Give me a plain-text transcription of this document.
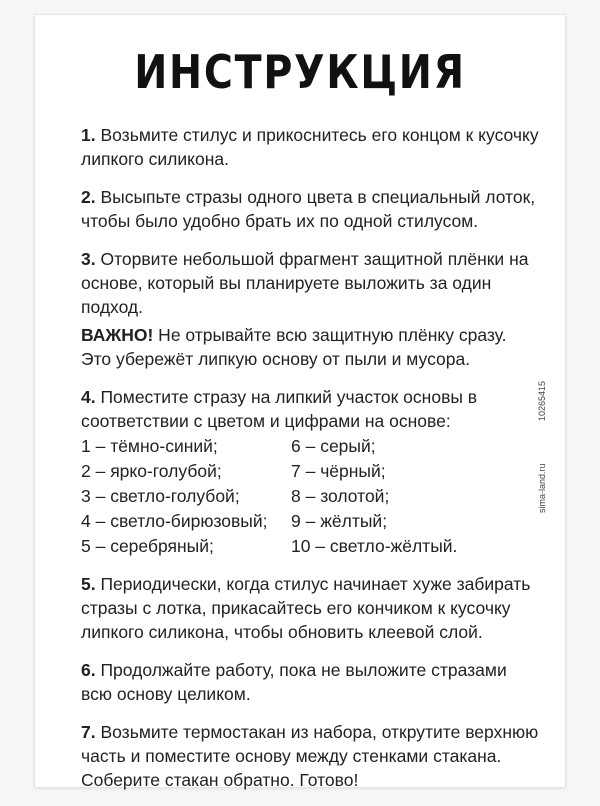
ИНСТРУКЦИЯ

1. Возьмите стилус и прикоснитесь его концом к кусочку липкого силикона.

2. Высыпьте стразы одного цвета в специальный лоток, чтобы было удобно брать их по одной стилусом.

3. Оторвите небольшой фрагмент защитной плёнки на основе, который вы планируете выложить за один подход.

ВАЖНО! Не отрывайте всю защитную плёнку сразу. Это убережёт липкую основу от пыли и мусора.

4. Поместите стразу на липкий участок основы в соответствии с цветом и цифрами на основе:
1 – тёмно-синий;	6 – серый;
2 – ярко-голубой;	7 – чёрный;
3 – светло-голубой;	8 – золотой;
4 – светло-бирюзовый;	9 – жёлтый;
5 – серебряный;	10 – светло-жёлтый.

5. Периодически, когда стилус начинает хуже забирать стразы с лотка, прикасайтесь его кончиком к кусочку липкого силикона, чтобы обновить клеевой слой.

6. Продолжайте работу, пока не выложите стразами всю основу целиком.

7. Возьмите термостакан из набора, открутите верхнюю часть и поместите основу между стенками стакана. Соберите стакан обратно. Готово!

10265415
sima-land.ru
